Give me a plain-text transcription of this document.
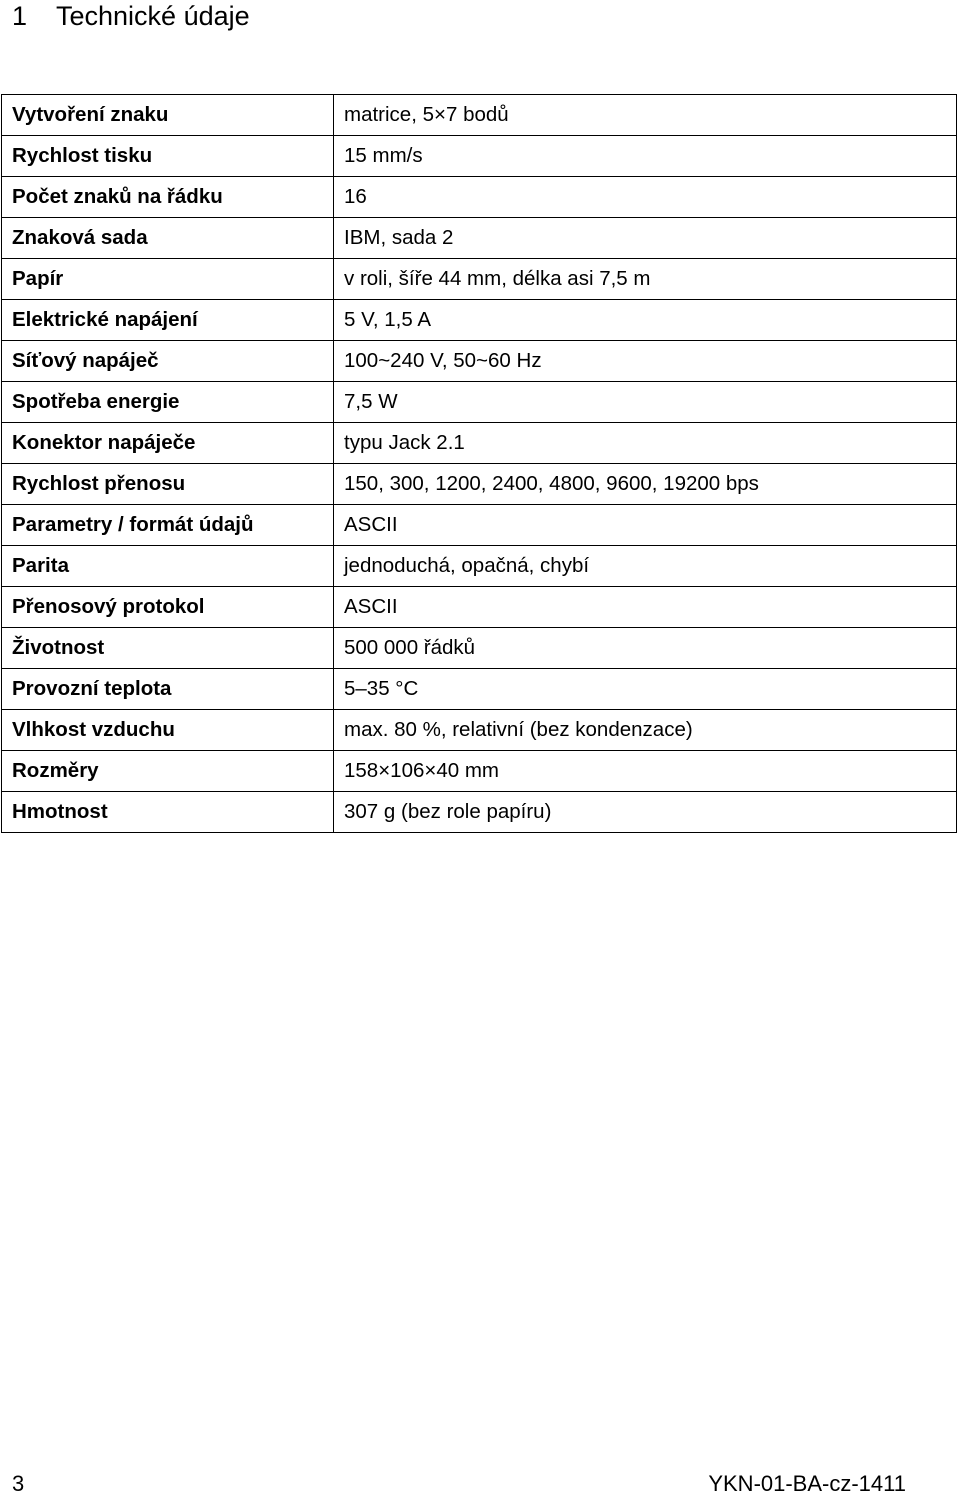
1 Technické údaje
Vytvoření znaku	matrice, 5×7 bodů
Rychlost tisku	15 mm/s
Počet znaků na řádku	16
Znaková sada	IBM, sada 2
Papír	v roli, šíře 44 mm, délka asi 7,5 m
Elektrické napájení	5 V, 1,5 A
Síťový napáječ	100~240 V, 50~60 Hz
Spotřeba energie	7,5 W
Konektor napáječe	typu Jack 2.1
Rychlost přenosu	150, 300, 1200, 2400, 4800, 9600, 19200 bps
Parametry / formát údajů	ASCII
Parita	jednoduchá, opačná, chybí
Přenosový protokol	ASCII
Životnost	500 000 řádků
Provozní teplota	5–35 °C
Vlhkost vzduchu	max. 80 %, relativní (bez kondenzace)
Rozměry	158×106×40 mm
Hmotnost	307 g (bez role papíru)
3	YKN-01-BA-cz-1411
